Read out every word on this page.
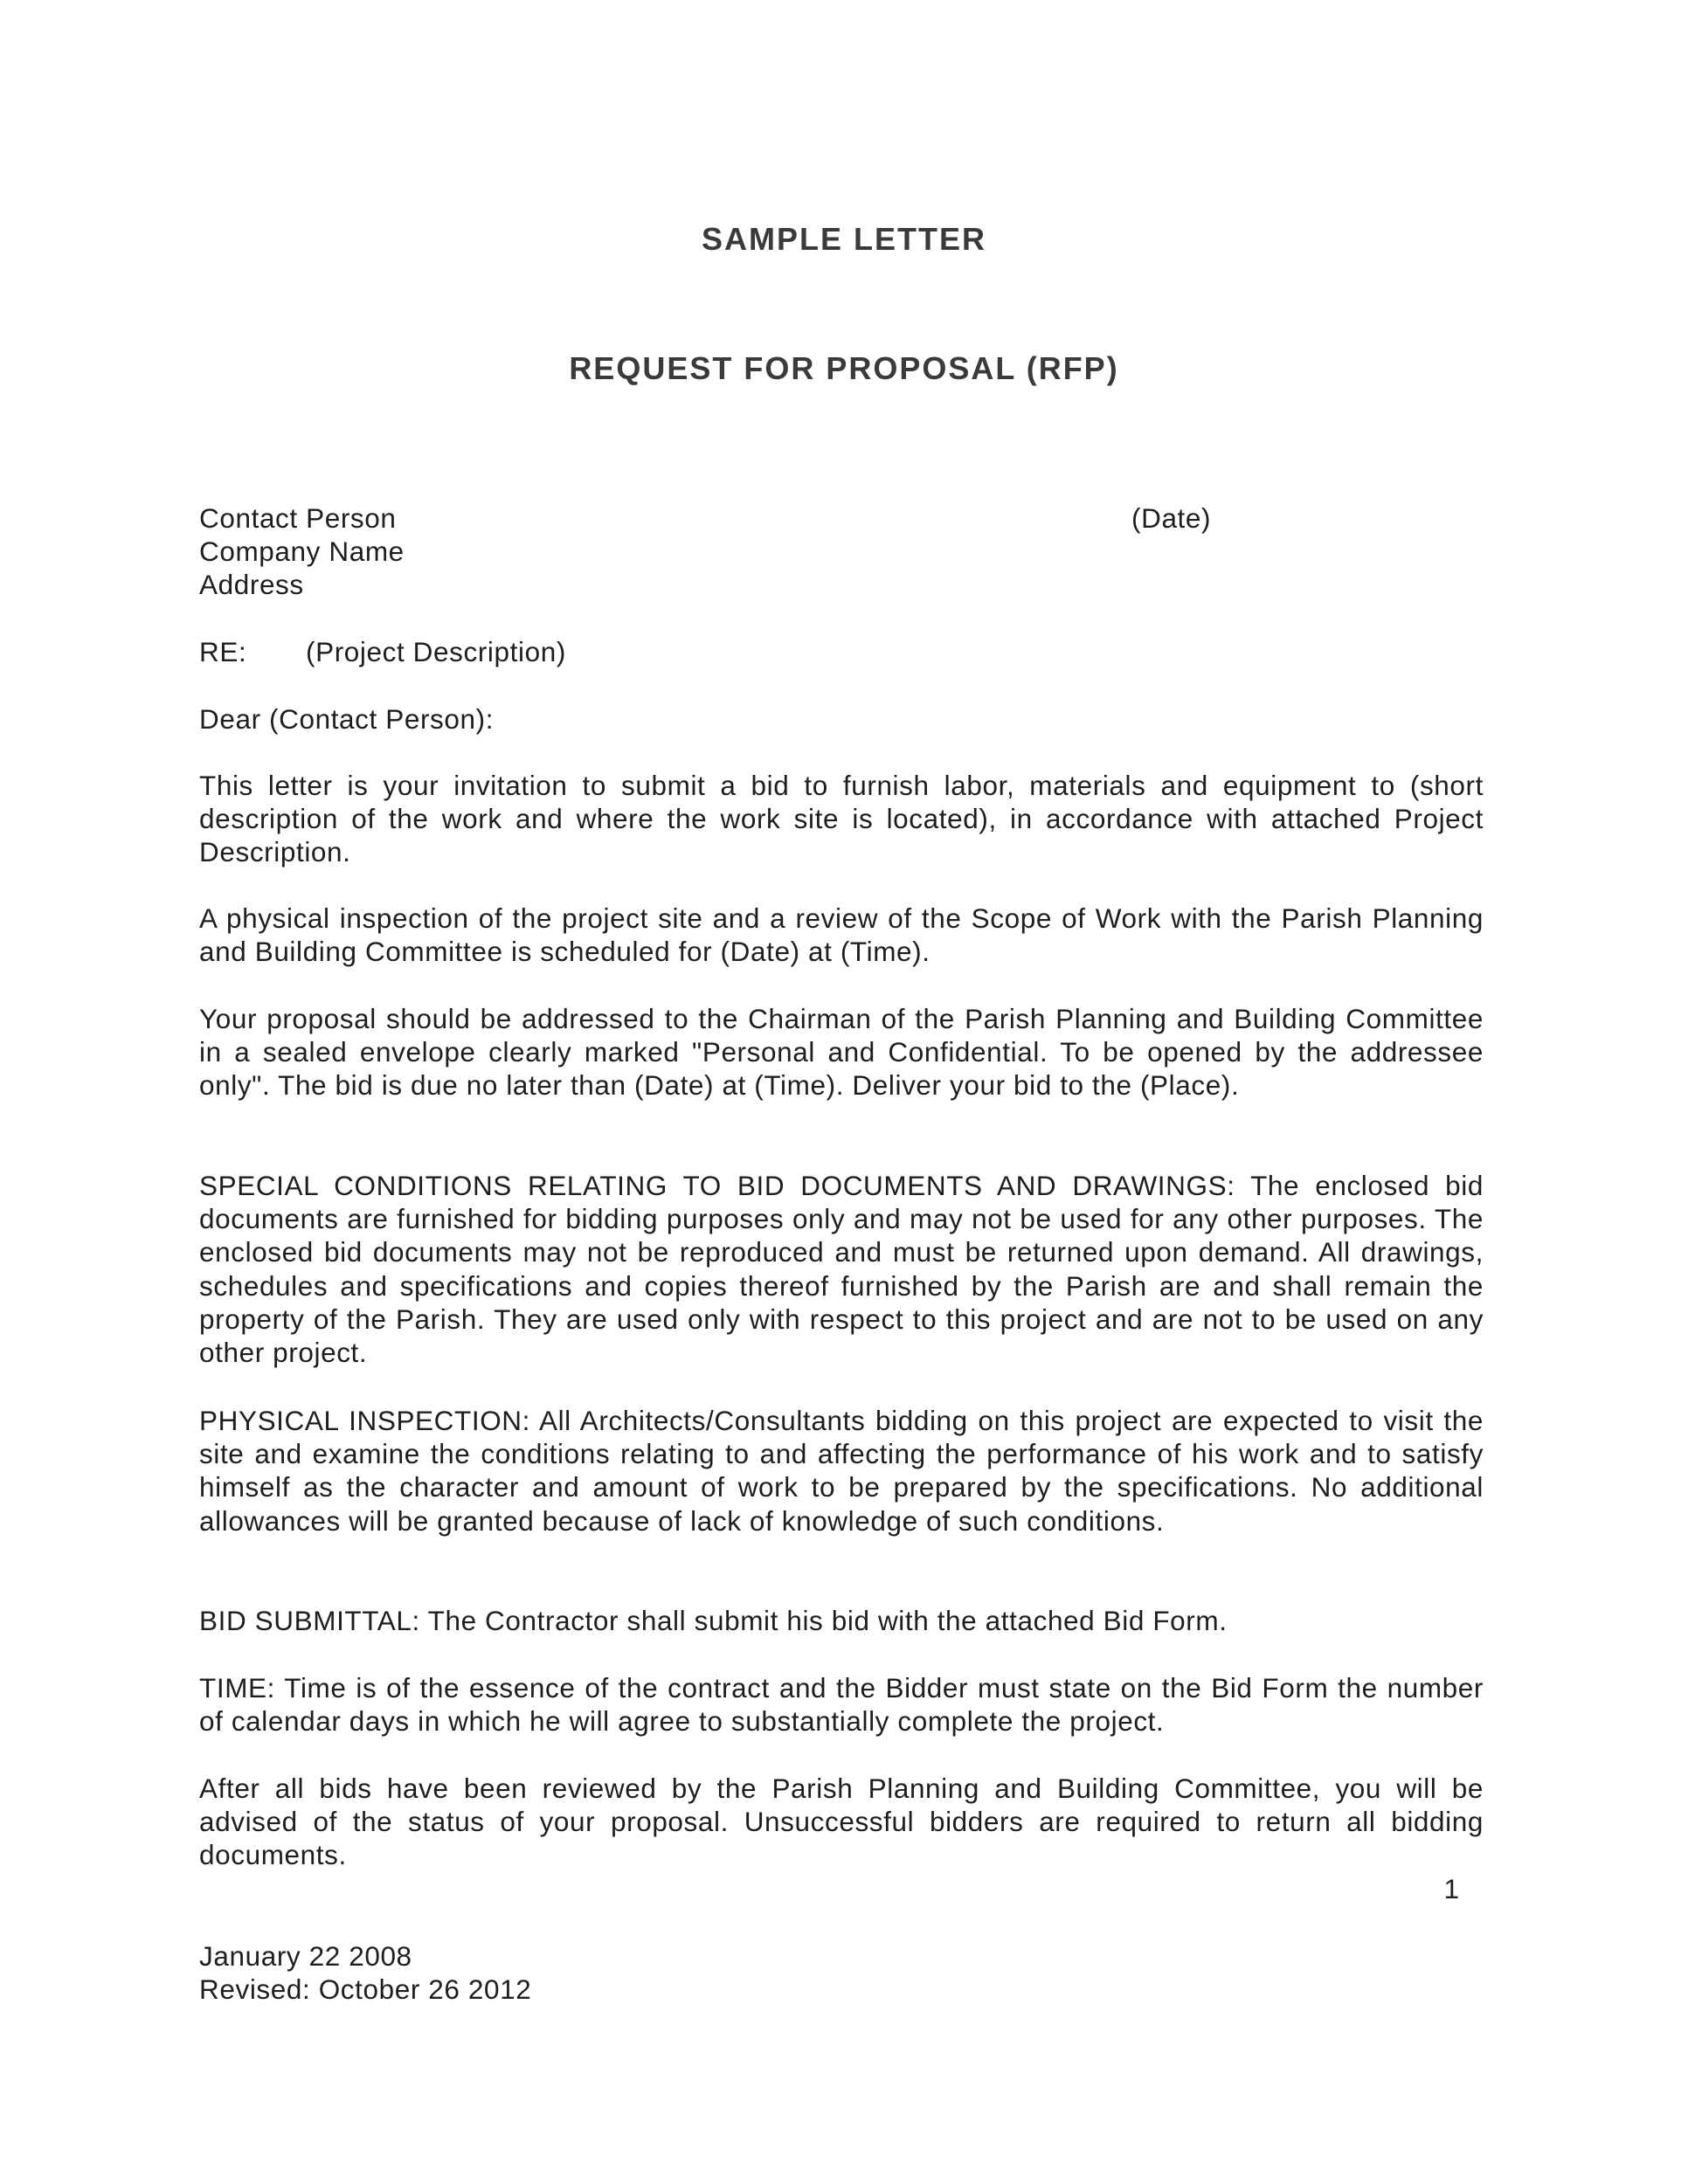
SAMPLE LETTER
REQUEST FOR PROPOSAL (RFP)
Contact Person
Company Name
Address
(Date)
RE: (Project Description)
Dear (Contact Person):

This letter is your invitation to submit a bid to furnish labor, materials and equipment to (short description of the work and where the work site is located), in accordance with attached Project Description.

A physical inspection of the project site and a review of the Scope of Work with the Parish Planning and Building Committee is scheduled for (Date) at (Time).

Your proposal should be addressed to the Chairman of the Parish Planning and Building Committee in a sealed envelope clearly marked "Personal and Confidential. To be opened by the addressee only". The bid is due no later than (Date) at (Time). Deliver your bid to the (Place).

SPECIAL CONDITIONS RELATING TO BID DOCUMENTS AND DRAWINGS: The enclosed bid documents are furnished for bidding purposes only and may not be used for any other purposes. The enclosed bid documents may not be reproduced and must be returned upon demand. All drawings, schedules and specifications and copies thereof furnished by the Parish are and shall remain the property of the Parish. They are used only with respect to this project and are not to be used on any other project.

PHYSICAL INSPECTION: All Architects/Consultants bidding on this project are expected to visit the site and examine the conditions relating to and affecting the performance of his work and to satisfy himself as the character and amount of work to be prepared by the specifications. No additional allowances will be granted because of lack of knowledge of such conditions.

BID SUBMITTAL: The Contractor shall submit his bid with the attached Bid Form.

TIME: Time is of the essence of the contract and the Bidder must state on the Bid Form the number of calendar days in which he will agree to substantially complete the project.

After all bids have been reviewed by the Parish Planning and Building Committee, you will be advised of the status of your proposal. Unsuccessful bidders are required to return all bidding documents.

1
January 22 2008
Revised: October 26 2012
